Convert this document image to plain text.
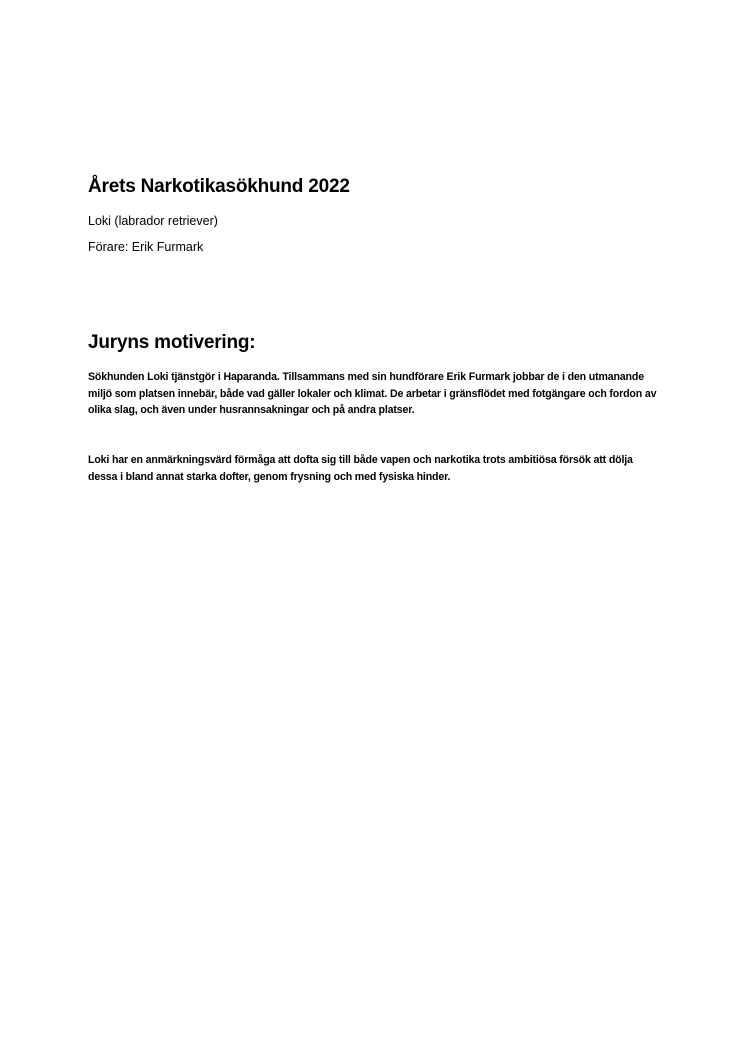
Årets Narkotikasökhund 2022

Loki (labrador retriever)

Förare: Erik Furmark

Juryns motivering:

Sökhunden Loki tjänstgör i Haparanda. Tillsammans med sin hundförare Erik Furmark jobbar de i den utmanande miljö som platsen innebär, både vad gäller lokaler och klimat. De arbetar i gränsflödet med fotgängare och fordon av olika slag, och även under husrannsakningar och på andra platser.

Loki har en anmärkningsvärd förmåga att dofta sig till både vapen och narkotika trots ambitiösa försök att dölja dessa i bland annat starka dofter, genom frysning och med fysiska hinder.
